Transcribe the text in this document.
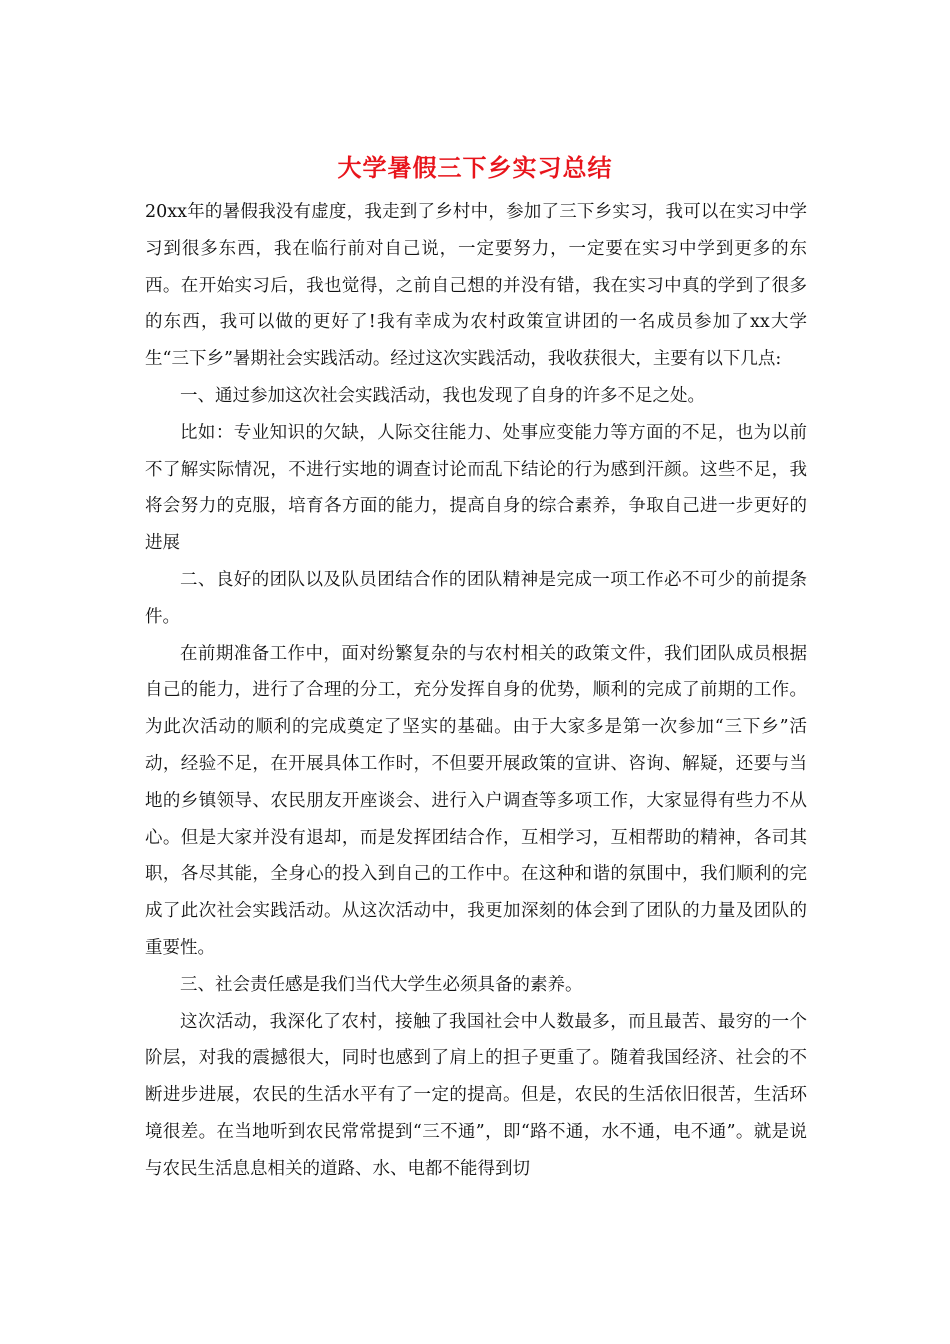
大学暑假三下乡实习总结

20xx年的暑假我没有虚度，我走到了乡村中，参加了三下乡实习，我可以在实习中学习到很多东西，我在临行前对自己说，一定要努力，一定要在实习中学到更多的东西。在开始实习后，我也觉得，之前自己想的并没有错，我在实习中真的学到了很多的东西，我可以做的更好了!我有幸成为农村政策宣讲团的一名成员参加了xx大学生“三下乡”暑期社会实践活动。经过这次实践活动，我收获很大，主要有以下几点:

一、通过参加这次社会实践活动，我也发现了自身的许多不足之处。

比如：专业知识的欠缺，人际交往能力、处事应变能力等方面的不足，也为以前不了解实际情况，不进行实地的调查讨论而乱下结论的行为感到汗颜。这些不足，我将会努力的克服，培育各方面的能力，提高自身的综合素养，争取自己进一步更好的进展

二、良好的团队以及队员团结合作的团队精神是完成一项工作必不可少的前提条件。

在前期准备工作中，面对纷繁复杂的与农村相关的政策文件，我们团队成员根据自己的能力，进行了合理的分工，充分发挥自身的优势，顺利的完成了前期的工作。为此次活动的顺利的完成奠定了坚实的基础。由于大家多是第一次参加“三下乡”活动，经验不足，在开展具体工作时，不但要开展政策的宣讲、咨询、解疑，还要与当地的乡镇领导、农民朋友开座谈会、进行入户调查等多项工作，大家显得有些力不从心。但是大家并没有退却，而是发挥团结合作，互相学习，互相帮助的精神，各司其职，各尽其能，全身心的投入到自己的工作中。在这种和谐的氛围中，我们顺利的完成了此次社会实践活动。从这次活动中，我更加深刻的体会到了团队的力量及团队的重要性。

三、社会责任感是我们当代大学生必须具备的素养。

这次活动，我深化了农村，接触了我国社会中人数最多，而且最苦、最穷的一个阶层，对我的震撼很大，同时也感到了肩上的担子更重了。随着我国经济、社会的不断进步进展，农民的生活水平有了一定的提高。但是，农民的生活依旧很苦，生活环境很差。在当地听到农民常常提到“三不通”，即“路不通，水不通，电不通”。就是说与农民生活息息相关的道路、水、电都不能得到切
